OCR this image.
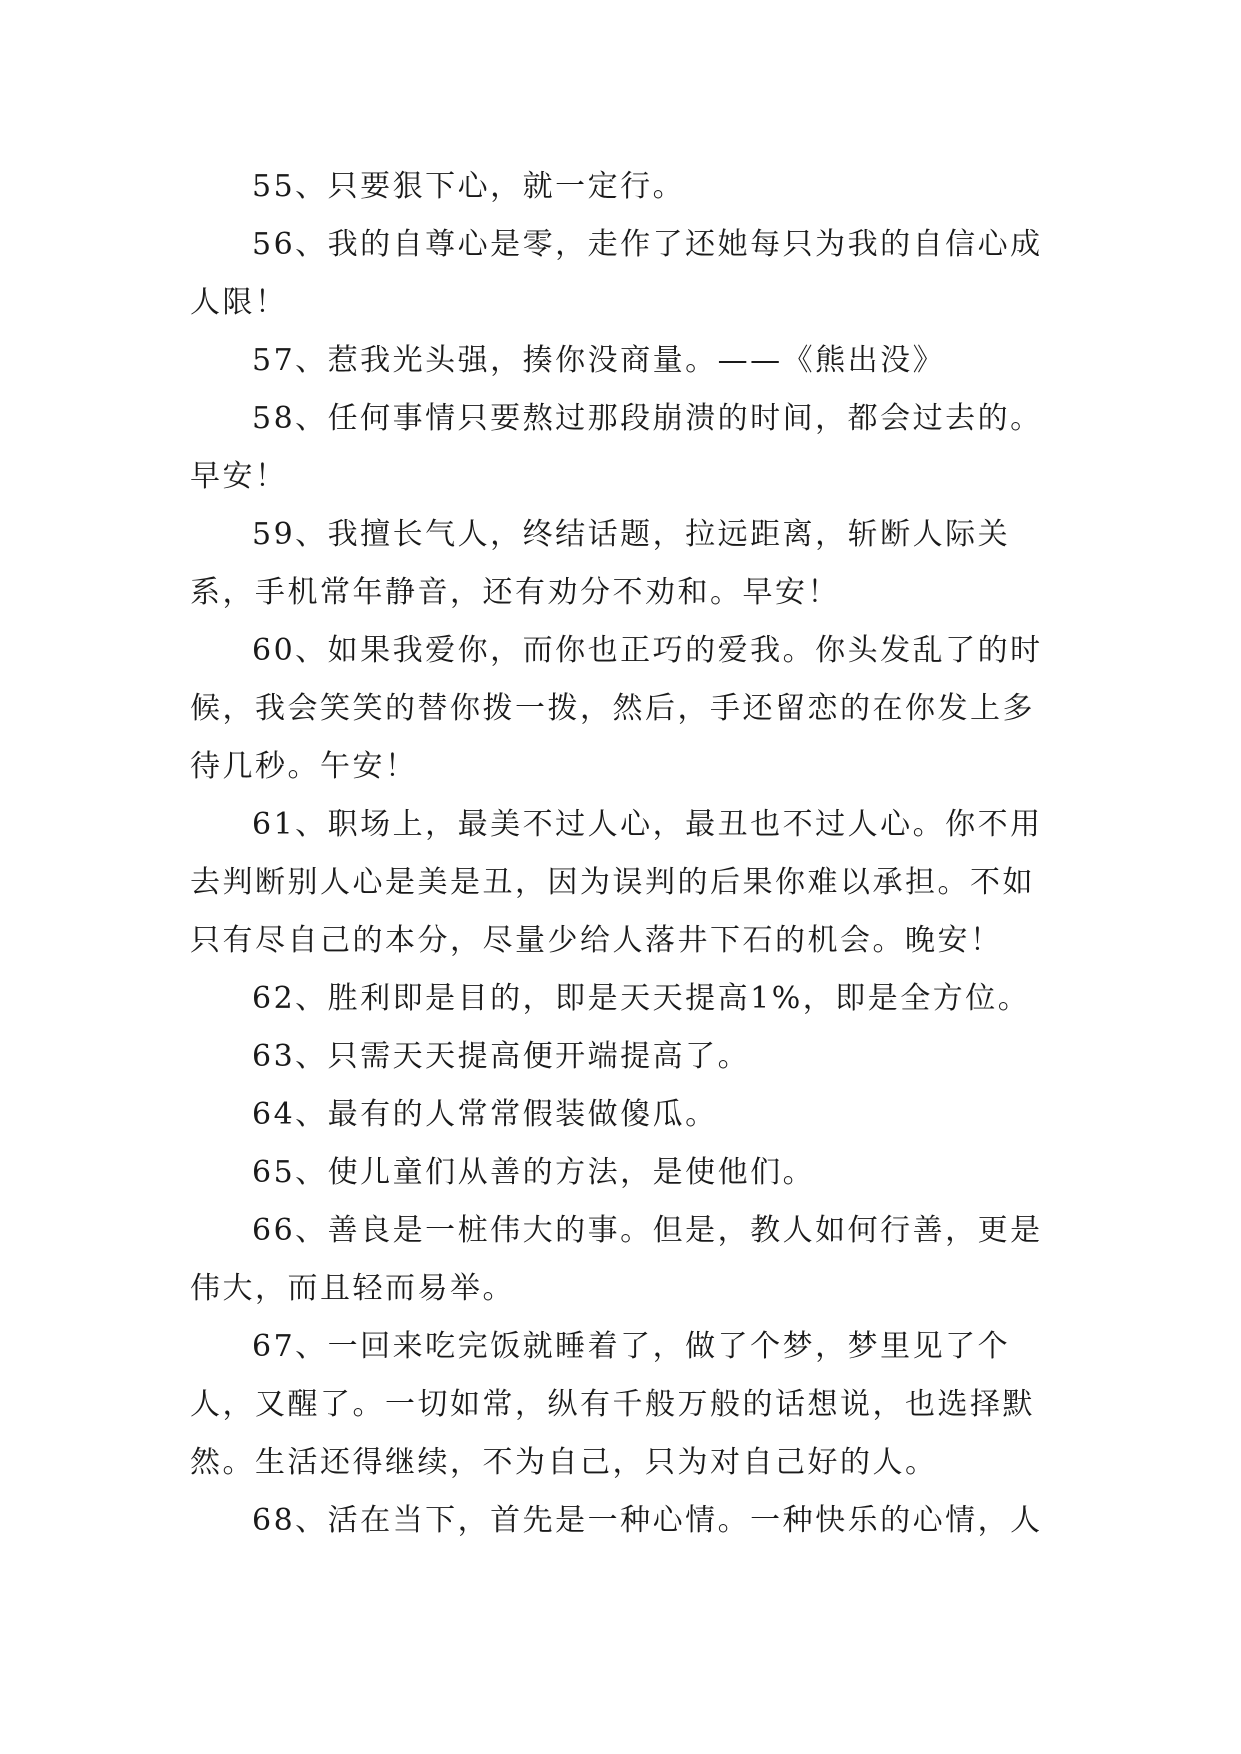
55、只要狠下心，就一定行。

56、我的自尊心是零，走作了还她每只为我的自信心成人限！

57、惹我光头强，揍你没商量。——《熊出没》

58、任何事情只要熬过那段崩溃的时间，都会过去的。早安！

59、我擅长气人，终结话题，拉远距离，斩断人际关系，手机常年静音，还有劝分不劝和。早安！

60、如果我爱你，而你也正巧的爱我。你头发乱了的时候，我会笑笑的替你拨一拨，然后，手还留恋的在你发上多待几秒。午安！

61、职场上，最美不过人心，最丑也不过人心。你不用去判断别人心是美是丑，因为误判的后果你难以承担。不如只有尽自己的本分，尽量少给人落井下石的机会。晚安！

62、胜利即是目的，即是天天提高1%，即是全方位。

63、只需天天提高便开端提高了。

64、最有的人常常假装做傻瓜。

65、使儿童们从善的方法，是使他们。

66、善良是一桩伟大的事。但是，教人如何行善，更是伟大，而且轻而易举。

67、一回来吃完饭就睡着了，做了个梦，梦里见了个人，又醒了。一切如常，纵有千般万般的话想说，也选择默然。生活还得继续，不为自己，只为对自己好的人。

68、活在当下，首先是一种心情。一种快乐的心情，人
